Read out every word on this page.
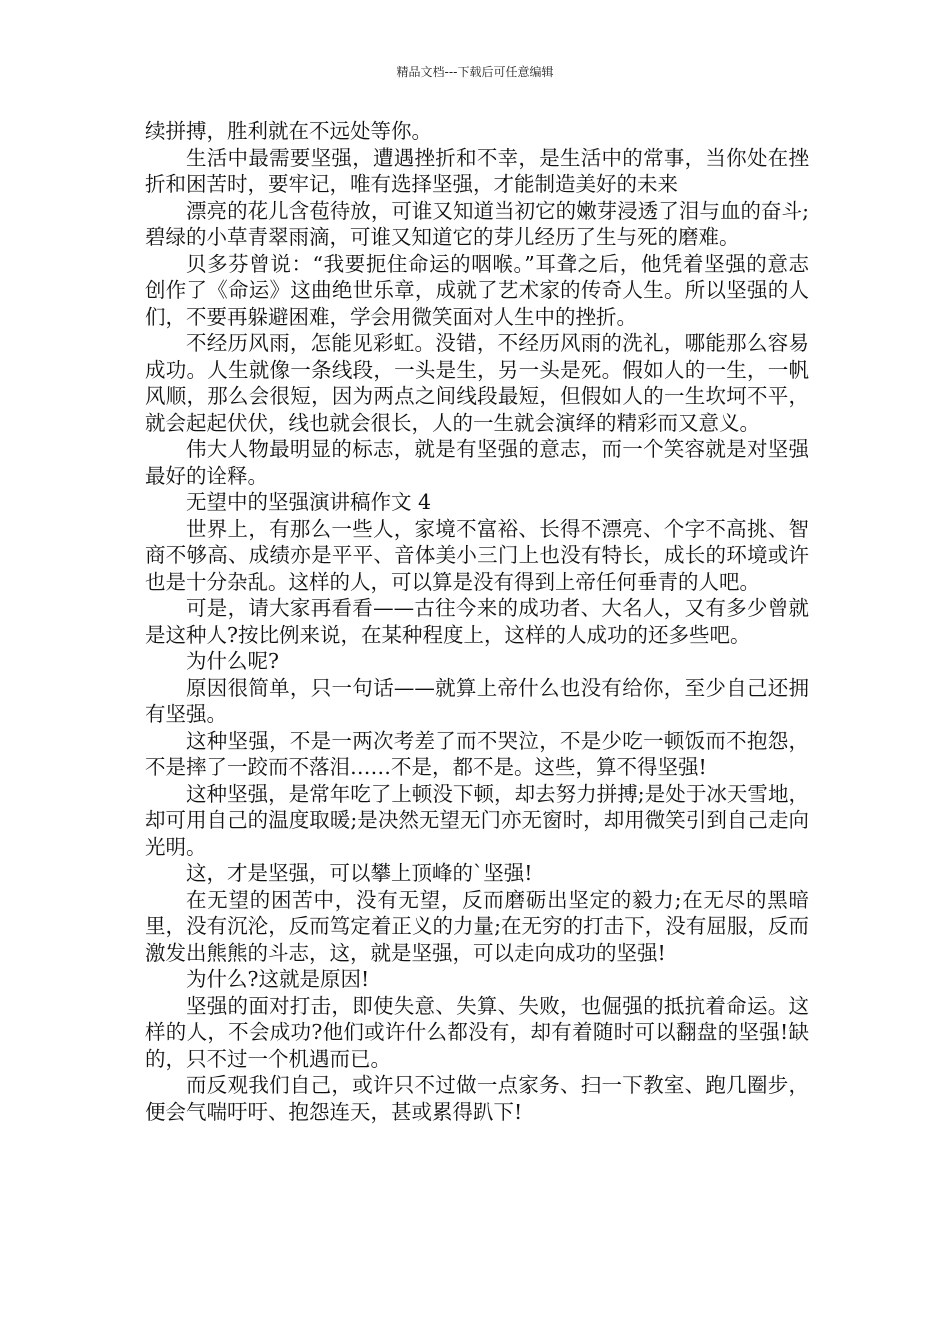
精品文档---下载后可任意编辑

续拼搏，胜利就在不远处等你。

生活中最需要坚强，遭遇挫折和不幸，是生活中的常事，当你处在挫折和困苦时，要牢记，唯有选择坚强，才能制造美好的未来

漂亮的花儿含苞待放，可谁又知道当初它的嫩芽浸透了泪与血的奋斗;碧绿的小草青翠雨滴，可谁又知道它的芽儿经历了生与死的磨难。

贝多芬曾说：“我要扼住命运的咽喉。”耳聋之后，他凭着坚强的意志创作了《命运》这曲绝世乐章，成就了艺术家的传奇人生。所以坚强的人们，不要再躲避困难，学会用微笑面对人生中的挫折。

不经历风雨，怎能见彩虹。没错，不经历风雨的洗礼，哪能那么容易成功。人生就像一条线段，一头是生，另一头是死。假如人的一生，一帆风顺，那么会很短，因为两点之间线段最短，但假如人的一生坎坷不平，就会起起伏伏，线也就会很长，人的一生就会演绎的精彩而又意义。

伟大人物最明显的标志，就是有坚强的意志，而一个笑容就是对坚强最好的诠释。

无望中的坚强演讲稿作文 4

世界上，有那么一些人，家境不富裕、长得不漂亮、个字不高挑、智商不够高、成绩亦是平平、音体美小三门上也没有特长，成长的环境或许也是十分杂乱。这样的人，可以算是没有得到上帝任何垂青的人吧。

可是，请大家再看看——古往今来的成功者、大名人，又有多少曾就是这种人?按比例来说，在某种程度上，这样的人成功的还多些吧。

为什么呢?

原因很简单，只一句话——就算上帝什么也没有给你，至少自己还拥有坚强。

这种坚强，不是一两次考差了而不哭泣，不是少吃一顿饭而不抱怨，不是摔了一跤而不落泪……不是，都不是。这些，算不得坚强!

这种坚强，是常年吃了上顿没下顿，却去努力拼搏;是处于冰天雪地，却可用自己的温度取暖;是决然无望无门亦无窗时，却用微笑引到自己走向光明。

这，才是坚强，可以攀上顶峰的`坚强!

在无望的困苦中，没有无望，反而磨砺出坚定的毅力;在无尽的黑暗里，没有沉沦，反而笃定着正义的力量;在无穷的打击下，没有屈服，反而激发出熊熊的斗志，这，就是坚强，可以走向成功的坚强!

为什么?这就是原因!

坚强的面对打击，即使失意、失算、失败，也倔强的抵抗着命运。这样的人，不会成功?他们或许什么都没有，却有着随时可以翻盘的坚强!缺的，只不过一个机遇而已。

而反观我们自己，或许只不过做一点家务、扫一下教室、跑几圈步，便会气喘吁吁、抱怨连天，甚或累得趴下!
